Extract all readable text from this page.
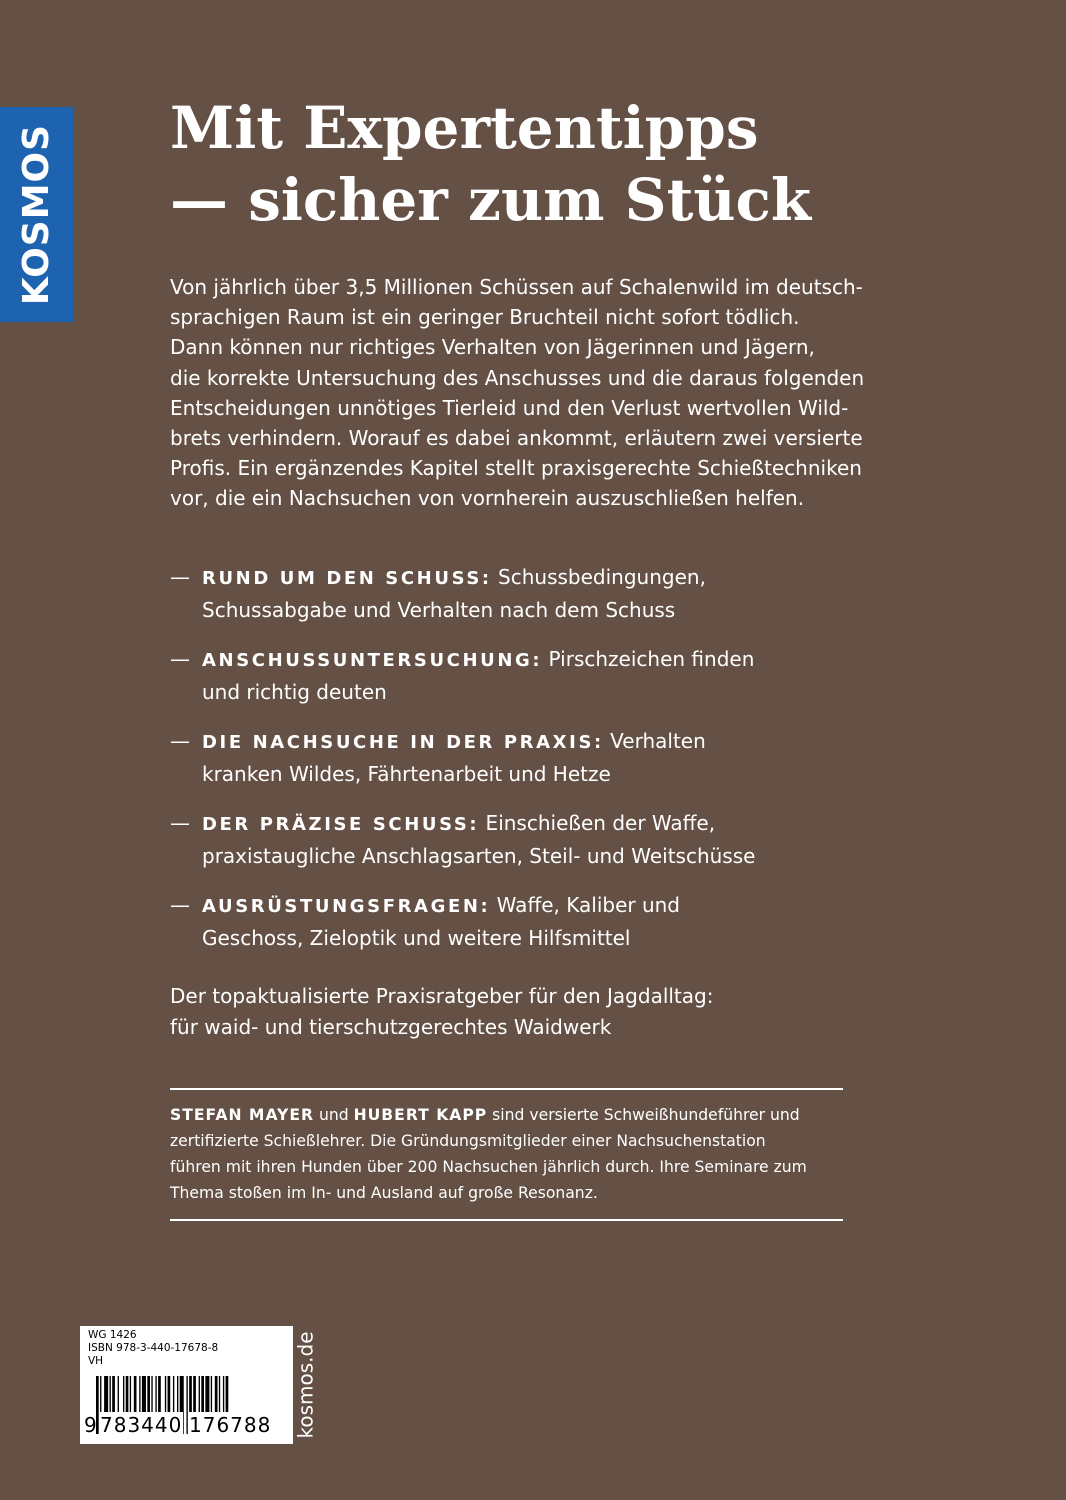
KOSMOS Mit Expertentipps
— sicher zum Stück

Von jährlich über 3,5 Millionen Schüssen auf Schalenwild im deutsch-
sprachigen Raum ist ein geringer Bruchteil nicht sofort tödlich.
Dann können nur richtiges Verhalten von Jägerinnen und Jägern,
die korrekte Untersuchung des Anschusses und die daraus folgenden
Entscheidungen unnötiges Tierleid und den Verlust wertvollen Wild-
brets verhindern. Worauf es dabei ankommt, erläutern zwei versierte
Profis. Ein ergänzendes Kapitel stellt praxisgerechte Schießtechniken
vor, die ein Nachsuchen von vornherein auszuschließen helfen.

— RUND UM DEN SCHUSS: Schussbedingungen,
Schussabgabe und Verhalten nach dem Schuss
— ANSCHUSSUNTERSUCHUNG: Pirschzeichen finden
und richtig deuten
— DIE NACHSUCHE IN DER PRAXIS: Verhalten
kranken Wildes, Fährtenarbeit und Hetze
— DER PRÄZISE SCHUSS: Einschießen der Waffe,
praxistaugliche Anschlagsarten, Steil- und Weitschüsse
— AUSRÜSTUNGSFRAGEN: Waffe, Kaliber und
Geschoss, Zieloptik und weitere Hilfsmittel

Der topaktualisierte Praxisratgeber für den Jagdalltag:
für waid- und tierschutzgerechtes Waidwerk

STEFAN MAYER und HUBERT KAPP sind versierte Schweißhundeführer und
zertifizierte Schießlehrer. Die Gründungsmitglieder einer Nachsuchenstation
führen mit ihren Hunden über 200 Nachsuchen jährlich durch. Ihre Seminare zum
Thema stoßen im In- und Ausland auf große Resonanz.

WG 1426
ISBN 978-3-440-17678-8
VH
9 783440 176788 kosmos.de
